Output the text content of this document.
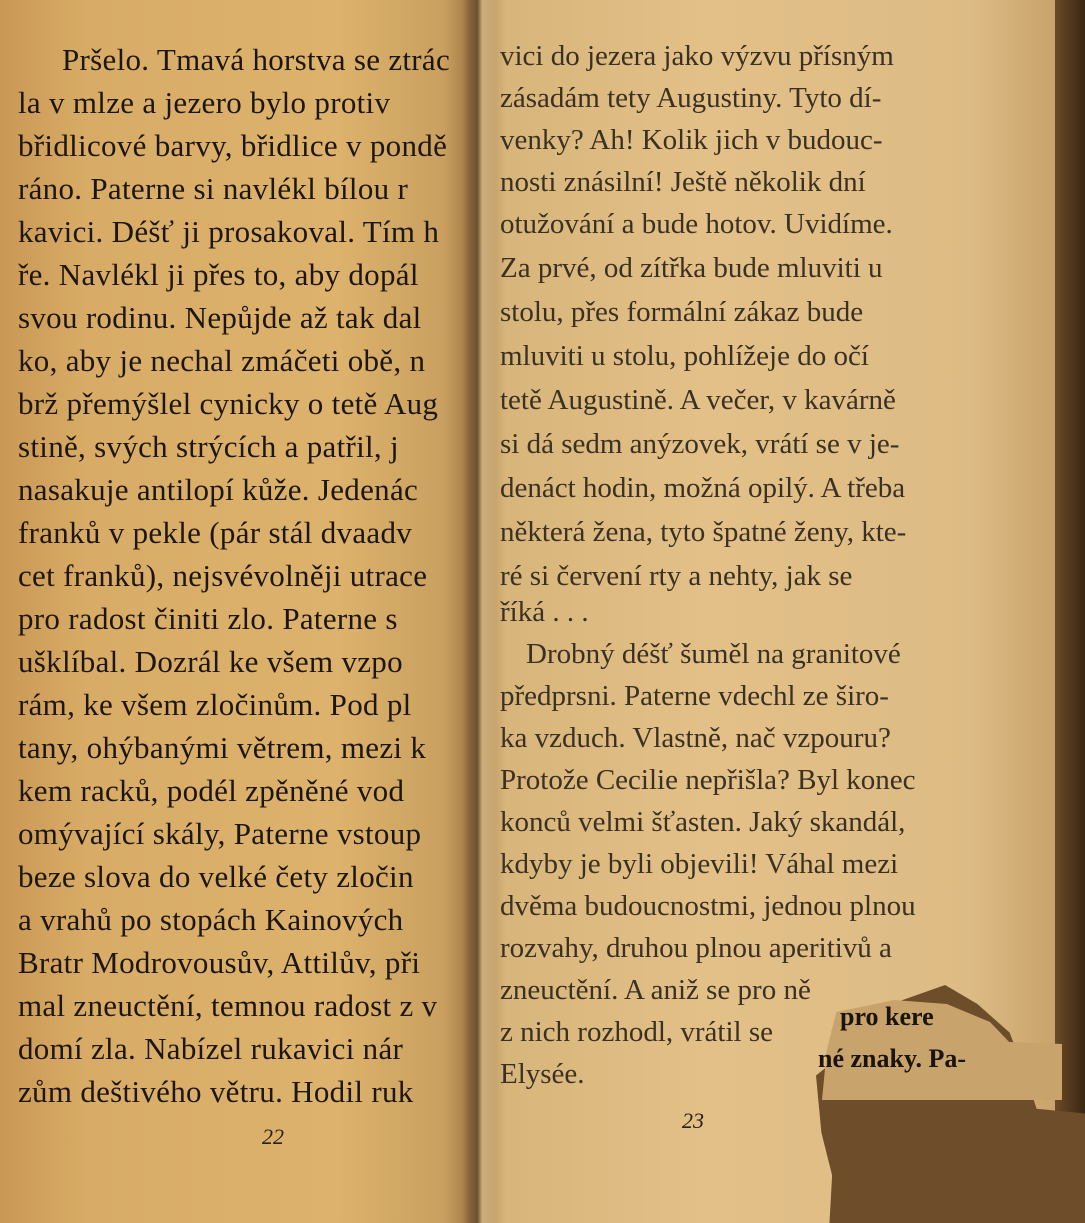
Pršelo. Tmavá horstva se ztrác
la v mlze a jezero bylo protiv
břidlicové barvy, břidlice v pondě
ráno. Paterne si navlékl bílou r
kavici. Déšť ji prosakoval. Tím h
ře. Navlékl ji přes to, aby dopál
svou rodinu. Nepůjde až tak dal
ko, aby je nechal zmáčeti obě, n
brž přemýšlel cynicky o tetě Aug
stině, svých strýcích a patřil, j
nasakuje antilopí kůže. Jedenác
franků v pekle (pár stál dvaadv
cet franků), nejsvévolněji utrace
pro radost činiti zlo. Paterne s
ušklíbal. Dozrál ke všem vzpo
rám, ke všem zločinům. Pod pl
tany, ohýbanými větrem, mezi k
kem racků, podél zpěněné vod
omývající skály, Paterne vstoup
beze slova do velké čety zločin
a vrahů po stopách Kainových
Bratr Modrovousův, Attilův, při
mal zneuctění, temnou radost z v
domí zla. Nabízel rukavici nár
zům deštivého větru. Hodil ruk
22
vici do jezera jako výzvu přísným
zásadám tety Augustiny. Tyto dí-
venky? Ah! Kolik jich v budouc-
nosti znásilní! Ještě několik dní
otužování a bude hotov. Uvidíme.
Za prvé, od zítřka bude mluviti u
stolu, přes formální zákaz bude
mluviti u stolu, pohlížeje do očí
tetě Augustině. A večer, v kavárně
si dá sedm anýzovek, vrátí se v je-
denáct hodin, možná opilý. A třeba
některá žena, tyto špatné ženy, kte-
ré si červení rty a nehty, jak se
říká . . .
Drobný déšť šuměl na granitové
předprsni. Paterne vdechl ze širo-
ka vzduch. Vlastně, nač vzpouru?
Protože Cecilie nepřišla? Byl konec
konců velmi šťasten. Jaký skandál,
kdyby je byli objevili! Váhal mezi
dvěma budoucnostmi, jednou plnou
rozvahy, druhou plnou aperitivů a
zneuctění. A aniž se pro ně
z nich rozhodl, vrátil se
Elysée.
23
pro kere
né znaky. Pa-
